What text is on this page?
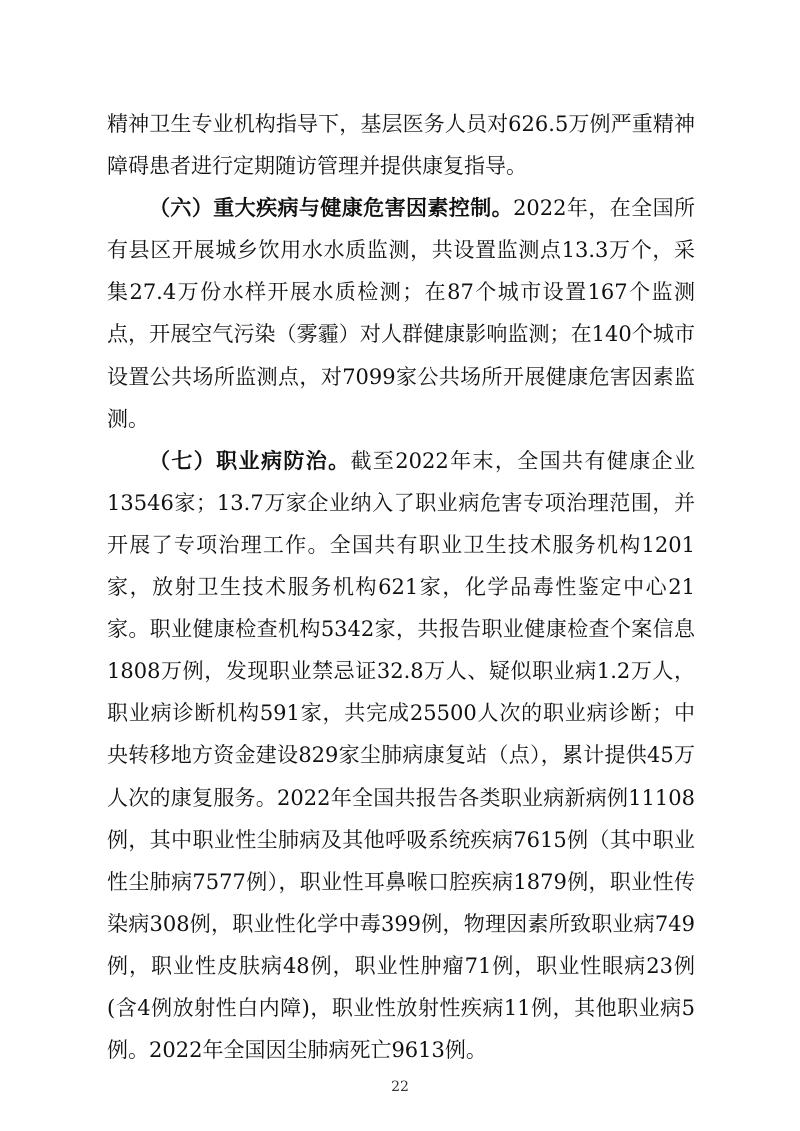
精神卫生专业机构指导下，基层医务人员对626.5万例严重精神障碍患者进行定期随访管理并提供康复指导。

（六）重大疾病与健康危害因素控制。2022年，在全国所有县区开展城乡饮用水水质监测，共设置监测点13.3万个，采集27.4万份水样开展水质检测；在87个城市设置167个监测点，开展空气污染（雾霾）对人群健康影响监测；在140个城市设置公共场所监测点，对7099家公共场所开展健康危害因素监测。

（七）职业病防治。截至2022年末，全国共有健康企业13546家；13.7万家企业纳入了职业病危害专项治理范围，并开展了专项治理工作。全国共有职业卫生技术服务机构1201家，放射卫生技术服务机构621家，化学品毒性鉴定中心21家。职业健康检查机构5342家，共报告职业健康检查个案信息1808万例，发现职业禁忌证32.8万人、疑似职业病1.2万人，职业病诊断机构591家，共完成25500人次的职业病诊断；中央转移地方资金建设829家尘肺病康复站（点），累计提供45万人次的康复服务。2022年全国共报告各类职业病新病例11108例，其中职业性尘肺病及其他呼吸系统疾病7615例（其中职业性尘肺病7577例），职业性耳鼻喉口腔疾病1879例，职业性传染病308例，职业性化学中毒399例，物理因素所致职业病749例，职业性皮肤病48例，职业性肿瘤71例，职业性眼病23例(含4例放射性白内障)，职业性放射性疾病11例，其他职业病5例。2022年全国因尘肺病死亡9613例。

22
